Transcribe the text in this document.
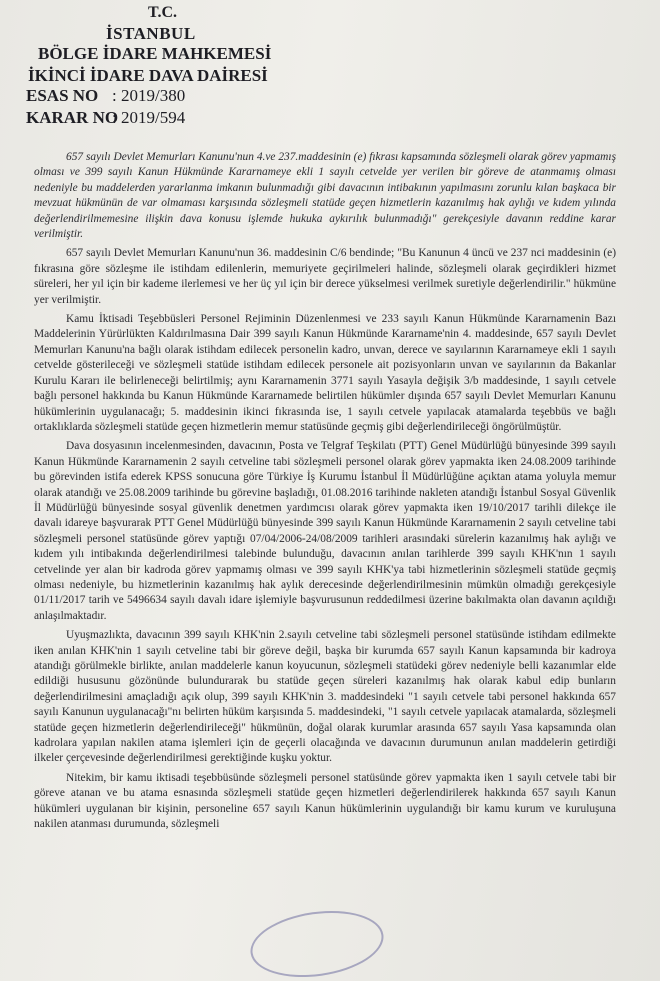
T.C.
İSTANBUL
BÖLGE İDARE MAHKEMESİ
İKİNCİ İDARE DAVA DAİRESİ
ESAS NO : 2019/380
KARAR NO: 2019/594

657 sayılı Devlet Memurları Kanunu'nun 4.ve 237.maddesinin (e) fıkrası kapsamında sözleşmeli olarak görev yapmamış olması ve 399 sayılı Kanun Hükmünde Kararnameye ekli 1 sayılı cetvelde yer verilen bir göreve de atanmamış olması nedeniyle bu maddelerden yararlanma imkanın bulunmadığı gibi davacının intibakının yapılmasını zorunlu kılan başkaca bir mevzuat hükmünün de var olmaması karşısında sözleşmeli statüde geçen hizmetlerin kazanılmış hak aylığı ve kıdem yılında değerlendirilmemesine ilişkin dava konusu işlemde hukuka aykırılık bulunmadığı" gerekçesiyle davanın reddine karar verilmiştir.

657 sayılı Devlet Memurları Kanunu'nun 36. maddesinin C/6 bendinde; "Bu Kanunun 4 üncü ve 237 nci maddesinin (e) fıkrasına göre sözleşme ile istihdam edilenlerin, memuriyete geçirilmeleri halinde, sözleşmeli olarak geçirdikleri hizmet süreleri, her yıl için bir kademe ilerlemesi ve her üç yıl için bir derece yükselmesi verilmek suretiyle değerlendirilir." hükmüne yer verilmiştir.

Kamu İktisadi Teşebbüsleri Personel Rejiminin Düzenlenmesi ve 233 sayılı Kanun Hükmünde Kararnamenin Bazı Maddelerinin Yürürlükten Kaldırılmasına Dair 399 sayılı Kanun Hükmünde Kararname'nin 4. maddesinde, 657 sayılı Devlet Memurları Kanunu'na bağlı olarak istihdam edilecek personelin kadro, unvan, derece ve sayılarının Kararnameye ekli 1 sayılı cetvelde gösterileceği ve sözleşmeli statüde istihdam edilecek personele ait pozisyonların unvan ve sayılarının da Bakanlar Kurulu Kararı ile belirleneceği belirtilmiş; aynı Kararnamenin 3771 sayılı Yasayla değişik 3/b maddesinde, 1 sayılı cetvele bağlı personel hakkında bu Kanun Hükmünde Kararnamede belirtilen hükümler dışında 657 sayılı Devlet Memurları Kanunu hükümlerinin uygulanacağı; 5. maddesinin ikinci fıkrasında ise, 1 sayılı cetvele yapılacak atamalarda teşebbüs ve bağlı ortaklıklarda sözleşmeli statüde geçen hizmetlerin memur statüsünde geçmiş gibi değerlendirileceği öngörülmüştür.

Dava dosyasının incelenmesinden, davacının, Posta ve Telgraf Teşkilatı (PTT) Genel Müdürlüğü bünyesinde 399 sayılı Kanun Hükmünde Kararnamenin 2 sayılı cetveline tabi sözleşmeli personel olarak görev yapmakta iken 24.08.2009 tarihinde bu görevinden istifa ederek KPSS sonucuna göre Türkiye İş Kurumu İstanbul İl Müdürlüğüne açıktan atama yoluyla memur olarak atandığı ve 25.08.2009 tarihinde bu görevine başladığı, 01.08.2016 tarihinde nakleten atandığı İstanbul Sosyal Güvenlik İl Müdürlüğü bünyesinde sosyal güvenlik denetmen yardımcısı olarak görev yapmakta iken 19/10/2017 tarihli dilekçe ile davalı idareye başvurarak PTT Genel Müdürlüğü bünyesinde 399 sayılı Kanun Hükmünde Kararnamenin 2 sayılı cetveline tabi sözleşmeli personel statüsünde görev yaptığı 07/04/2006-24/08/2009 tarihleri arasındaki sürelerin kazanılmış hak aylığı ve kıdem yılı intibakında değerlendirilmesi talebinde bulunduğu, davacının anılan tarihlerde 399 sayılı KHK'nın 1 sayılı cetvelinde yer alan bir kadroda görev yapmamış olması ve 399 sayılı KHK'ya tabi hizmetlerinin sözleşmeli statüde geçmiş olması nedeniyle, bu hizmetlerinin kazanılmış hak aylık derecesinde değerlendirilmesinin mümkün olmadığı gerekçesiyle 01/11/2017 tarih ve 5496634 sayılı davalı idare işlemiyle başvurusunun reddedilmesi üzerine bakılmakta olan davanın açıldığı anlaşılmaktadır.

Uyuşmazlıkta, davacının 399 sayılı KHK'nin 2.sayılı cetveline tabi sözleşmeli personel statüsünde istihdam edilmekte iken anılan KHK'nin 1 sayılı cetveline tabi bir göreve değil, başka bir kurumda 657 sayılı Kanun kapsamında bir kadroya atandığı görülmekle birlikte, anılan maddelerle kanun koyucunun, sözleşmeli statüdeki görev nedeniyle belli kazanımlar elde edildiği hususunu gözönünde bulundurarak bu statüde geçen süreleri kazanılmış hak olarak kabul edip bunların değerlendirilmesini amaçladığı açık olup, 399 sayılı KHK'nin 3. maddesindeki "1 sayılı cetvele tabi personel hakkında 657 sayılı Kanunun uygulanacağı"nı belirten hüküm karşısında 5. maddesindeki, "1 sayılı cetvele yapılacak atamalarda, sözleşmeli statüde geçen hizmetlerin değerlendirileceği" hükmünün, doğal olarak kurumlar arasında 657 sayılı Yasa kapsamında olan kadrolara yapılan nakilen atama işlemleri için de geçerli olacağında ve davacının durumunun anılan maddelerin getirdiği ilkeler çerçevesinde değerlendirilmesi gerektiğinde kuşku yoktur.

Nitekim, bir kamu iktisadi teşebbüsünde sözleşmeli personel statüsünde görev yapmakta iken 1 sayılı cetvele tabi bir göreve atanan ve bu atama esnasında sözleşmeli statüde geçen hizmetleri değerlendirilerek hakkında 657 sayılı Kanun hükümleri uygulanan bir kişinin, personeline 657 sayılı Kanun hükümlerinin uygulandığı bir kamu kurum ve kuruluşuna nakilen atanması durumunda, sözleşmeli
